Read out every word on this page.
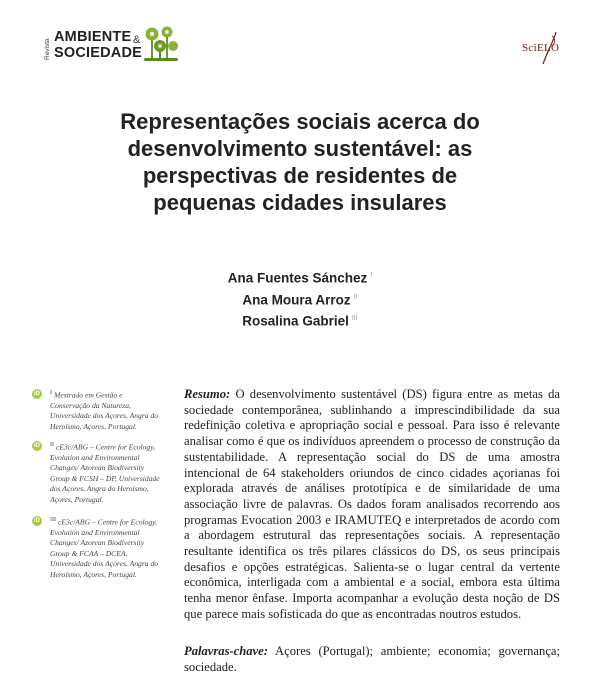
Revista
AMBIENTE &
SOCIEDADE	SciELO
Representações sociais acerca do desenvolvimento sustentável: as perspectivas de residentes de pequenas cidades insulares
Ana Fuentes Sánchez $^I$
Ana Moura Arroz $^{II}$
Rosalina Gabriel $^{III}$
iD	$^I$ Mestrado em Gestão e Conservação da Natureza, Universidade dos Açores, Angra do Heroísmo, Açores, Portugal.
iD	$^{II}$ cE3c/ABG – Centre for Ecology, Evolution and Environmental Changes/ Azorean Biodiversity Group & FCSH – DP, Universidade dos Açores, Angra do Heroísmo, Açores, Portugal.
iD	$^{III}$ cE3c/ABG – Centre for Ecology, Evolution and Environmental Changes/ Azorean Biodiversity Group & FCAA – DCEA, Universidade dos Açores, Angra do Heroísmo, Açores, Portugal.
Resumo: O desenvolvimento sustentável (DS) figura entre as metas da sociedade contemporânea, sublinhando a imprescindibilidade da sua redefinição coletiva e apropriação social e pessoal. Para isso é relevante analisar como é que os indivíduos apreendem o processo de construção da sustentabilidade. A representação social do DS de uma amostra intencional de 64 stakeholders oriundos de cinco cidades açorianas foi explorada através de análises prototípica e de similaridade de uma associação livre de palavras. Os dados foram analisados recorrendo aos programas Evocation 2003 e IRAMUTEQ e interpretados de acordo com a abordagem estrutural das representações sociais. A representação resultante identifica os três pilares clássicos do DS, os seus principais desafios e opções estratégicas. Salienta-se o lugar central da vertente econômica, interligada com a ambiental e a social, embora esta última tenha menor ênfase. Importa acompanhar a evolução desta noção de DS que parece mais sofisticada do que as encontradas noutros estudos.
Palavras-chave: Açores (Portugal); ambiente; economia; governança; sociedade.
